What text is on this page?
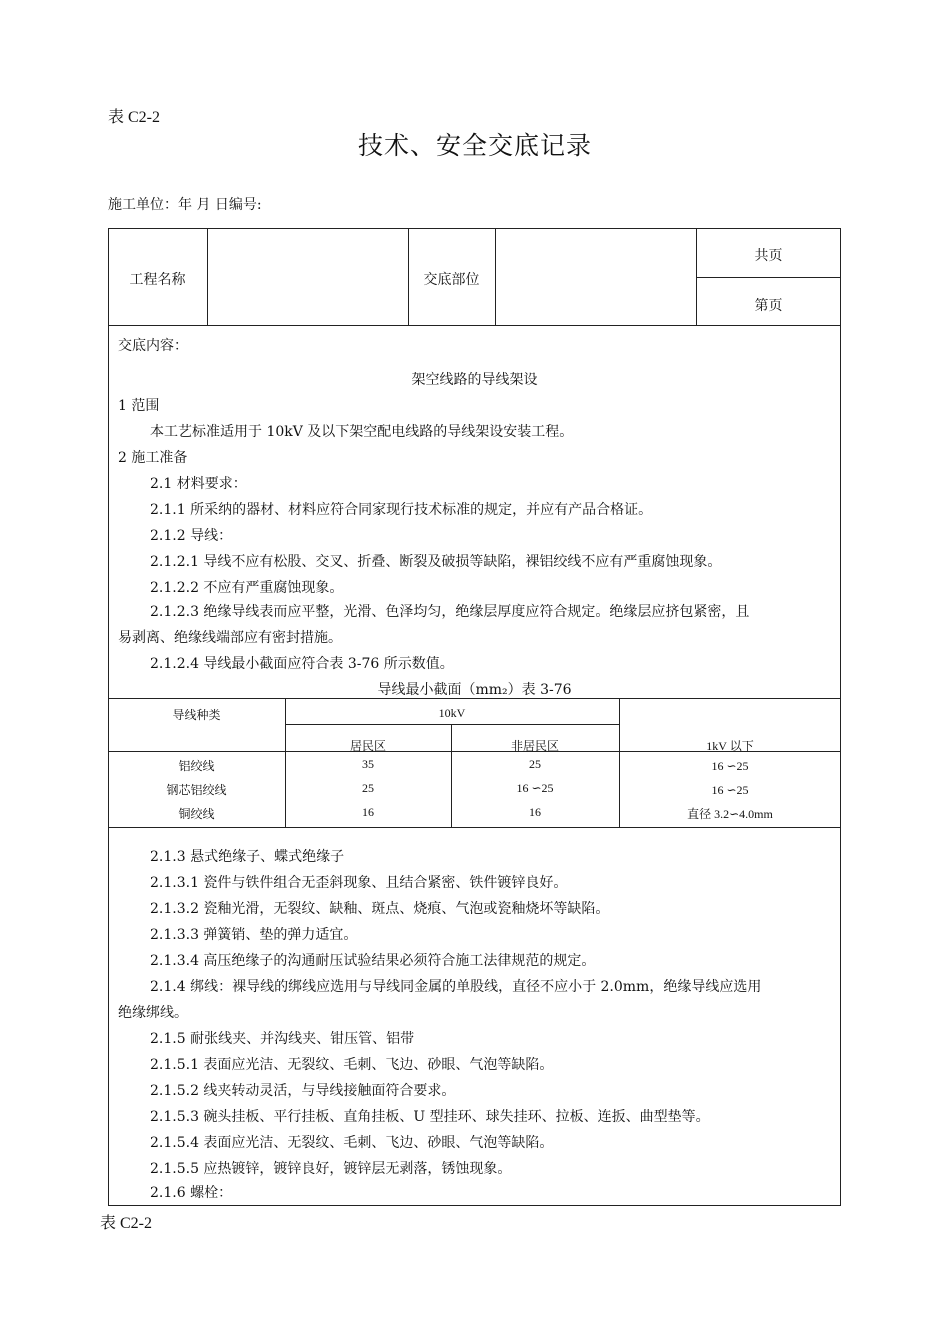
表 C2-2
技术、安全交底记录
施工单位：年 月 日编号:
工程名称	交底部位
共页
第页
交底内容：
架空线路的导线架设
1 范围
本工艺标准适用于 10kV 及以下架空配电线路的导线架设安装工程。
2 施工准备
2.1 材料要求：
2.1.1 所采纳的器材、材料应符合同家现行技术标准的规定，并应有产品合格证。
2.1.2 导线：
2.1.2.1 导线不应有松股、交叉、折叠、断裂及破损等缺陷，裸铝绞线不应有严重腐蚀现象。
2.1.2.2 不应有严重腐蚀现象。
2.1.2.3 绝缘导线表而应平整，光滑、色泽均匀，绝缘层厚度应符合规定。绝缘层应挤包紧密，且
易剥离、绝缘线端部应有密封措施。
2.1.2.4 导线最小截面应符合表 3-76 所示数值。
导线最小截面（mm₂）表 3-76
导线种类	10kV
居民区	非居民区	1kV 以下
铝绞线	35	25	16 ∽25
钢芯铝绞线	25	16 ∽25	16 ∽25
铜绞线	16	16	直径 3.2∽4.0mm
2.1.3 悬式绝缘子、蝶式绝缘子
2.1.3.1 瓷件与铁件组合无歪斜现象、且结合紧密、铁件镀锌良好。
2.1.3.2 瓷釉光滑，无裂纹、缺釉、斑点、烧痕、气泡或瓷釉烧坏等缺陷。
2.1.3.3 弹簧销、垫的弹力适宜。
2.1.3.4 高压绝缘子的沟通耐压试验结果必须符合施工法律规范的规定。
2.1.4 绑线：裸导线的绑线应选用与导线同金属的单股线，直径不应小于 2.0mm，绝缘导线应选用
绝缘绑线。
2.1.5 耐张线夹、并沟线夹、钳压管、铝带
2.1.5.1 表面应光洁、无裂纹、毛刺、飞边、砂眼、气泡等缺陷。
2.1.5.2 线夹转动灵活，与导线接触面符合要求。
2.1.5.3 碗头挂板、平行挂板、直角挂板、U 型挂环、球失挂环、拉板、连扳、曲型垫等。
2.1.5.4 表面应光洁、无裂纹、毛刺、飞边、砂眼、气泡等缺陷。
2.1.5.5 应热镀锌，镀锌良好，镀锌层无剥落，锈蚀现象。
2.1.6 螺栓：
表 C2-2
